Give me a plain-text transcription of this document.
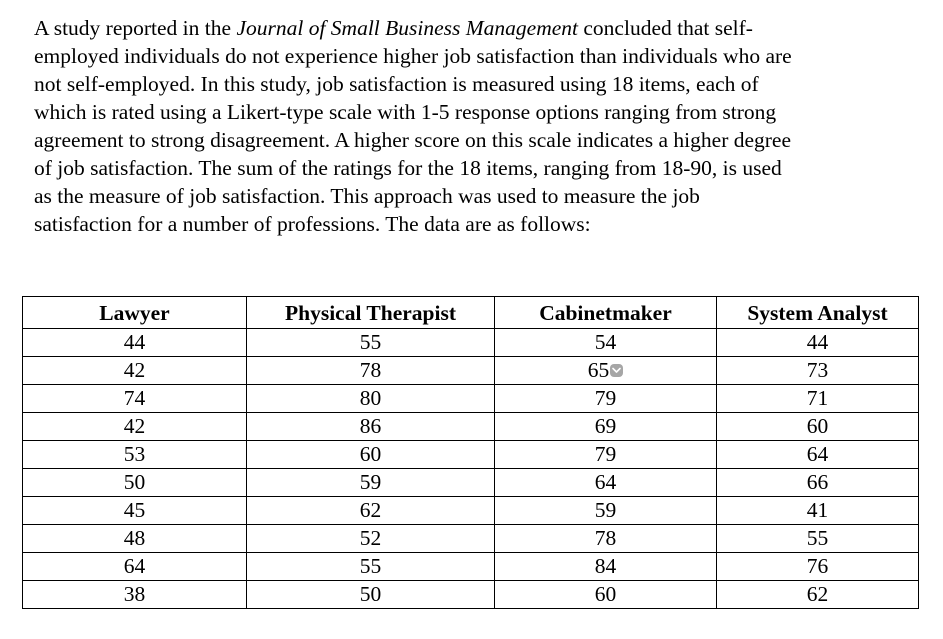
A study reported in the Journal of Small Business Management concluded that self-
employed individuals do not experience higher job satisfaction than individuals who are
not self-employed. In this study, job satisfaction is measured using 18 items, each of
which is rated using a Likert-type scale with 1-5 response options ranging from strong
agreement to strong disagreement. A higher score on this scale indicates a higher degree
of job satisfaction. The sum of the ratings for the 18 items, ranging from 18-90, is used
as the measure of job satisfaction. This approach was used to measure the job
satisfaction for a number of professions. The data are as follows:
Lawyer	Physical Therapist	Cabinetmaker	System Analyst
44	55	54	44
42	78	65	73
74	80	79	71
42	86	69	60
53	60	79	64
50	59	64	66
45	62	59	41
48	52	78	55
64	55	84	76
38	50	60	62
